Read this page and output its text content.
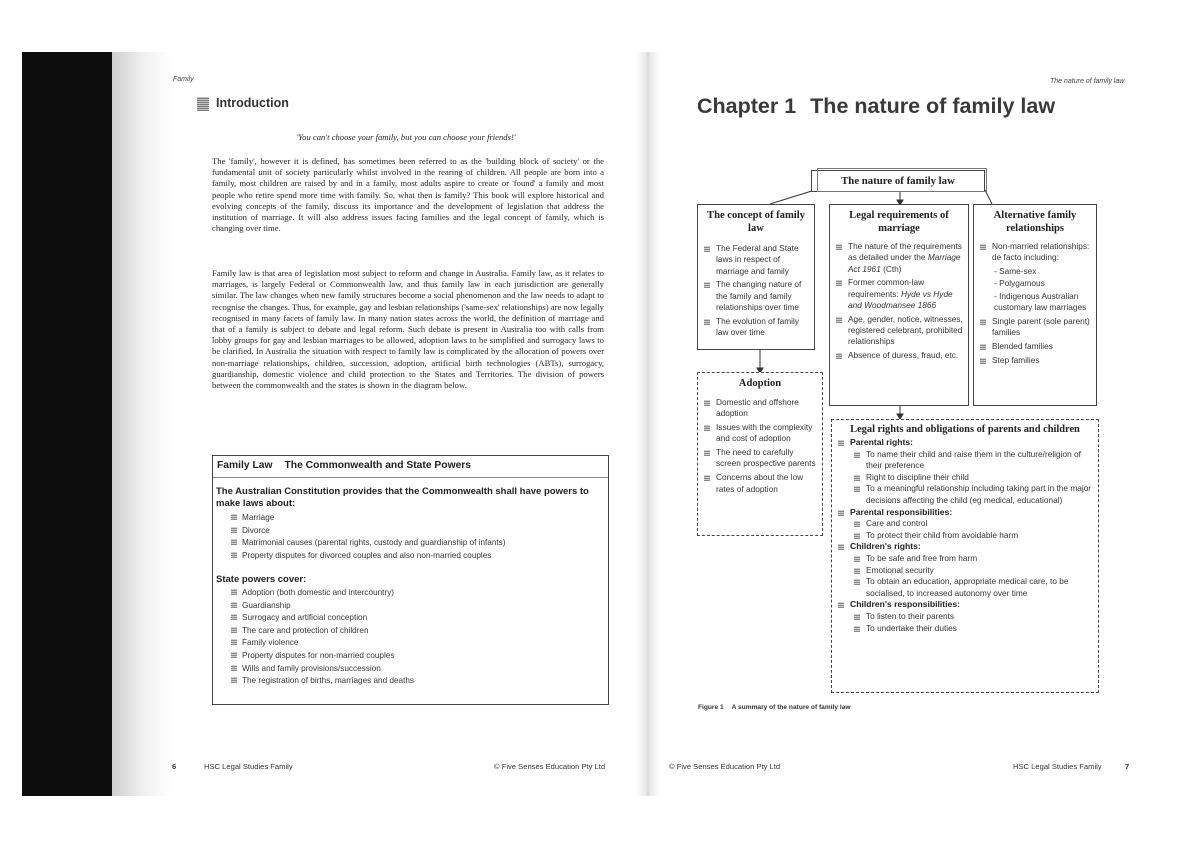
Family
Introduction
'You can't choose your family, but you can choose your friends!'

The 'family', however it is defined, has sometimes been referred to as the 'building block of society' or the fundamental unit of society particularly whilst involved in the rearing of children. All people are born into a family, most children are raised by and in a family, most adults aspire to create or 'found' a family and most people who retire spend more time with family. So, what then is family? This book will explore historical and evolving concepts of the family, discuss its importance and the development of legislation that address the institution of marriage. It will also address issues facing families and the legal concept of family, which is changing over time.

Family law is that area of legislation most subject to reform and change in Australia. Family law, as it relates to marriages, is largely Federal or Commonwealth law, and thus family law in each jurisdiction are generally similar. The law changes when new family structures become a social phenomenon and the law needs to adapt to recognise the changes. Thus, for example, gay and lesbian relationships ('same-sex' relationships) are now legally recognised in many facets of family law. In many nation states across the world, the definition of marriage and that of a family is subject to debate and legal reform. Such debate is present in Australia too with calls from lobby groups for gay and lesbian marriages to be allowed, adoption laws to be simplified and surrogacy laws to be clarified. In Australia the situation with respect to family law is complicated by the allocation of powers over non-marriage relationships, children, succession, adoption, artificial birth technologies (ABTs), surrogacy, guardianship, domestic violence and child protection to the States and Territories. The division of powers between the commonwealth and the states is shown in the diagram below.

Family Law The Commonwealth and State Powers
The Australian Constitution provides that the Commonwealth shall have powers to make laws about:
Marriage
Divorce
Matrimonial causes (parental rights, custody and guardianship of infants)
Property disputes for divorced couples and also non-married couples
State powers cover:
Adoption (both domestic and intercountry)
Guardianship
Surrogacy and artificial conception
The care and protection of children
Family violence
Property disputes for non-married couples
Wills and family provisions/succession
The registration of births, marriages and deaths
6	HSC Legal Studies Family	© Five Senses Education Pty Ltd
The nature of family law
Chapter 1 The nature of family law
The nature of family law
The concept of family law
The Federal and State laws in respect of marriage and family
The changing nature of the family and family relationships over time
The evolution of family law over time
Legal requirements of marriage
The nature of the requirements as detailed under the Marriage Act 1961 (Cth)
Former common-law requirements: Hyde vs Hyde and Woodmansee 1866
Age, gender, notice, witnesses, registered celebrant, prohibited relationships
Absence of duress, fraud, etc.
Alternative family relationships
Non-married relationships: de facto including:
- Same-sex
- Polygamous
- Indigenous Australian customary law marriages
Single parent (sole parent) families
Blended families
Step families
Adoption
Domestic and offshore adoption
Issues with the complexity and cost of adoption
The need to carefully screen prospective parents
Concerns about the low rates of adoption
Legal rights and obligations of parents and children
Parental rights:
To name their child and raise them in the culture/religion of their preference
Right to discipline their child
To a meaningful relationship including taking part in the major decisions affecting the child (eg medical, educational)
Parental responsibilities:
Care and control
To protect their child from avoidable harm
Children's rights:
To be safe and free from harm
Emotional security
To obtain an education, appropriate medical care, to be socialised, to increased autonomy over time
Children's responsibilities:
To listen to their parents
To undertake their duties
Figure 1 A summary of the nature of family law
© Five Senses Education Pty Ltd	HSC Legal Studies Family	7
